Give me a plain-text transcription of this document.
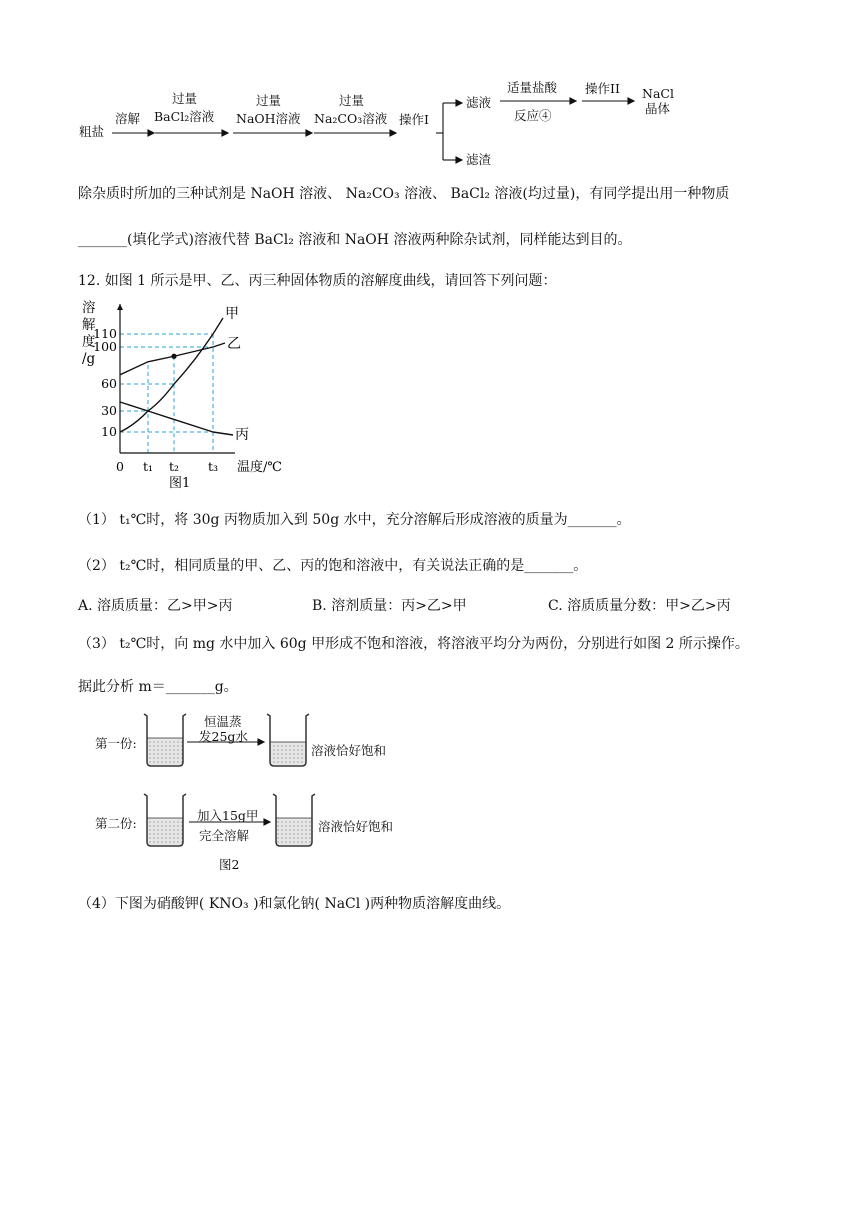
粗盐
溶解
过量
BaCl₂溶液
过量
NaOH溶液
过量
Na₂CO₃溶液 操作I
滤液
滤渣
适量盐酸
反应④
操作II NaCl
晶体
除杂质时所加的三种试剂是 NaOH 溶液、 Na₂CO₃ 溶液、 BaCl₂ 溶液(均过量)，有同学提出用一种物质
_______(填化学式)溶液代替 BaCl₂ 溶液和 NaOH 溶液两种除杂试剂，同样能达到目的。
12. 如图 1 所示是甲、乙、丙三种固体物质的溶解度曲线，请回答下列问题：
甲
乙
丙
10
30
60
100
110
0 t₁ t₂ t₃
溶
解
度
/g
温度/℃
图1
（1） t₁℃时，将 30g 丙物质加入到 50g 水中，充分溶解后形成溶液的质量为_______。
（2） t₂℃时，相同质量的甲、乙、丙的饱和溶液中，有关说法正确的是_______。
A. 溶质质量：乙>甲>丙	B. 溶剂质量：丙>乙>甲	C. 溶质质量分数：甲>乙>丙
（3） t₂℃时，向 mg 水中加入 60g 甲形成不饱和溶液，将溶液平均分为两份，分别进行如图 2 所示操作。
据此分析 m＝_______g。
第一份:
恒温蒸
发25g水
溶液恰好饱和
第二份:
加入15g甲
完全溶解
溶液恰好饱和
图2
（4）下图为硝酸钾( KNO₃ )和氯化钠( NaCl )两种物质溶解度曲线。
